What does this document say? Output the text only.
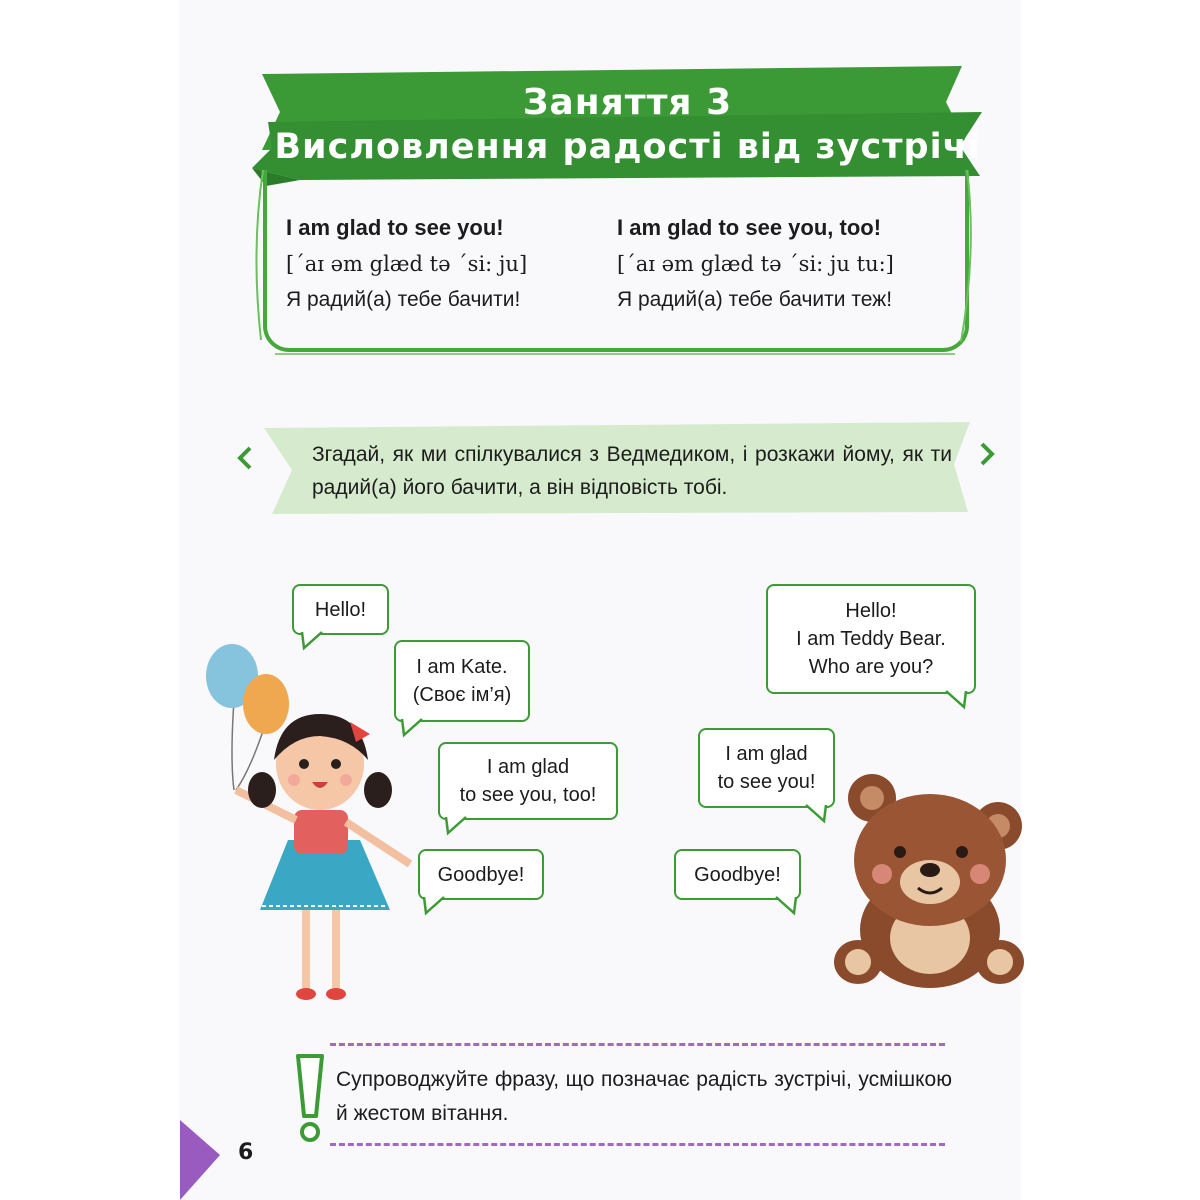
Заняття 3
Висловлення радості від зустрічі
I am glad to see you!
[΄aɪ əm glæd tə ΄si: ju]
Я радий(а) тебе бачити!
I am glad to see you, too!
[΄aɪ əm glæd tə ΄si: ju tu:]
Я радий(а) тебе бачити теж!
Згадай, як ми спілкувалися з Ведмедиком, і розкажи йому, як ти радий(а) його бачити, а він відповість тобі.
Hello!
I am Kate.
(Своє ім’я)
I am glad
to see you, too!
Goodbye!
Hello!
I am Teddy Bear.
Who are you?
I am glad
to see you!
Goodbye!
Супроводжуйте фразу, що позначає радість зустрічі, усмішкою й жестом вітання.
6
